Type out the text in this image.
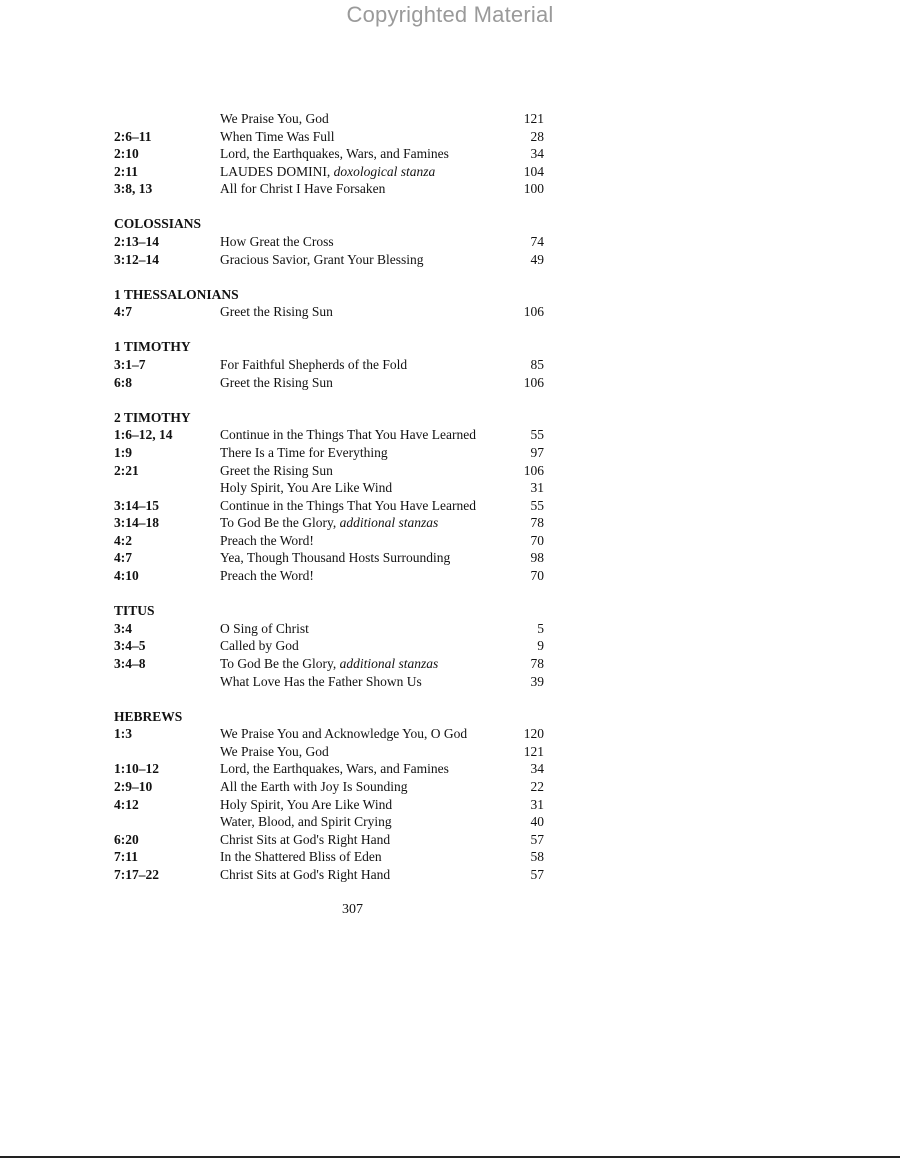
Copyrighted Material
We Praise You, God	121
2:6–11	When Time Was Full	28
2:10	Lord, the Earthquakes, Wars, and Famines	34
2:11	LAUDES DOMINI, doxological stanza	104
3:8, 13	All for Christ I Have Forsaken	100
COLOSSIANS
2:13–14	How Great the Cross	74
3:12–14	Gracious Savior, Grant Your Blessing	49
1 THESSALONIANS
4:7	Greet the Rising Sun	106
1 TIMOTHY
3:1–7	For Faithful Shepherds of the Fold	85
6:8	Greet the Rising Sun	106
2 TIMOTHY
1:6–12, 14	Continue in the Things That You Have Learned	55
1:9	There Is a Time for Everything	97
2:21	Greet the Rising Sun	106
Holy Spirit, You Are Like Wind	31
3:14–15	Continue in the Things That You Have Learned	55
3:14–18	To God Be the Glory, additional stanzas	78
4:2	Preach the Word!	70
4:7	Yea, Though Thousand Hosts Surrounding	98
4:10	Preach the Word!	70
TITUS
3:4	O Sing of Christ	5
3:4–5	Called by God	9
3:4–8	To God Be the Glory, additional stanzas	78
What Love Has the Father Shown Us	39
HEBREWS
1:3	We Praise You and Acknowledge You, O God	120
We Praise You, God	121
1:10–12	Lord, the Earthquakes, Wars, and Famines	34
2:9–10	All the Earth with Joy Is Sounding	22
4:12	Holy Spirit, You Are Like Wind	31
Water, Blood, and Spirit Crying	40
6:20	Christ Sits at God's Right Hand	57
7:11	In the Shattered Bliss of Eden	58
7:17–22	Christ Sits at God's Right Hand	57
307
